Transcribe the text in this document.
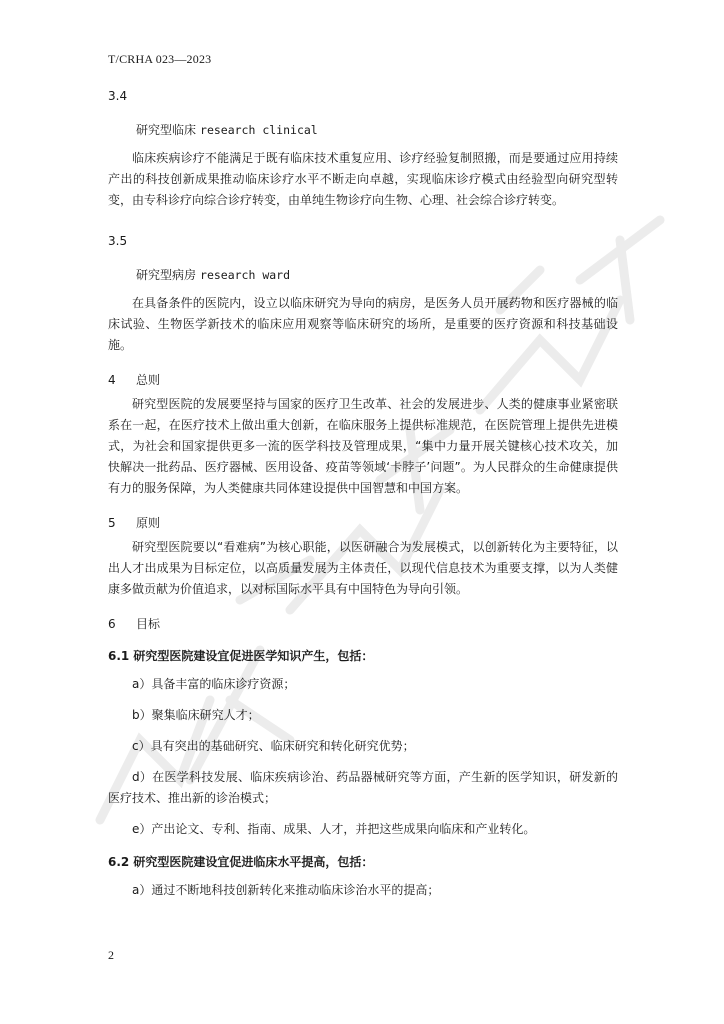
T/CRHA 023—2023
3.4
研究型临床 research clinical

临床疾病诊疗不能满足于既有临床技术重复应用、诊疗经验复制照搬，而是要通过应用持续产出的科技创新成果推动临床诊疗水平不断走向卓越，实现临床诊疗模式由经验型向研究型转变，由专科诊疗向综合诊疗转变，由单纯生物诊疗向生物、心理、社会综合诊疗转变。

3.5
研究型病房 research ward

在具备条件的医院内，设立以临床研究为导向的病房，是医务人员开展药物和医疗器械的临床试验、生物医学新技术的临床应用观察等临床研究的场所，是重要的医疗资源和科技基础设施。

4	总则

研究型医院的发展要坚持与国家的医疗卫生改革、社会的发展进步、人类的健康事业紧密联系在一起，在医疗技术上做出重大创新，在临床服务上提供标准规范，在医院管理上提供先进模式，为社会和国家提供更多一流的医学科技及管理成果，“集中力量开展关键核心技术攻关，加快解决一批药品、医疗器械、医用设备、疫苗等领域‘卡脖子’问题”。为人民群众的生命健康提供有力的服务保障，为人类健康共同体建设提供中国智慧和中国方案。

5	原则

研究型医院要以“看难病”为核心职能，以医研融合为发展模式，以创新转化为主要特征，以出人才出成果为目标定位，以高质量发展为主体责任，以现代信息技术为重要支撑，以为人类健康多做贡献为价值追求，以对标国际水平具有中国特色为导向引领。

6	目标
6.1 研究型医院建设宜促进医学知识产生，包括：

a）具备丰富的临床诊疗资源；

b）聚集临床研究人才；

c）具有突出的基础研究、临床研究和转化研究优势；

d）在医学科技发展、临床疾病诊治、药品器械研究等方面，产生新的医学知识，研发新的医疗技术、推出新的诊治模式；

e）产出论文、专利、指南、成果、人才，并把这些成果向临床和产业转化。

6.2 研究型医院建设宜促进临床水平提高，包括：

a）通过不断地科技创新转化来推动临床诊治水平的提高；

2
